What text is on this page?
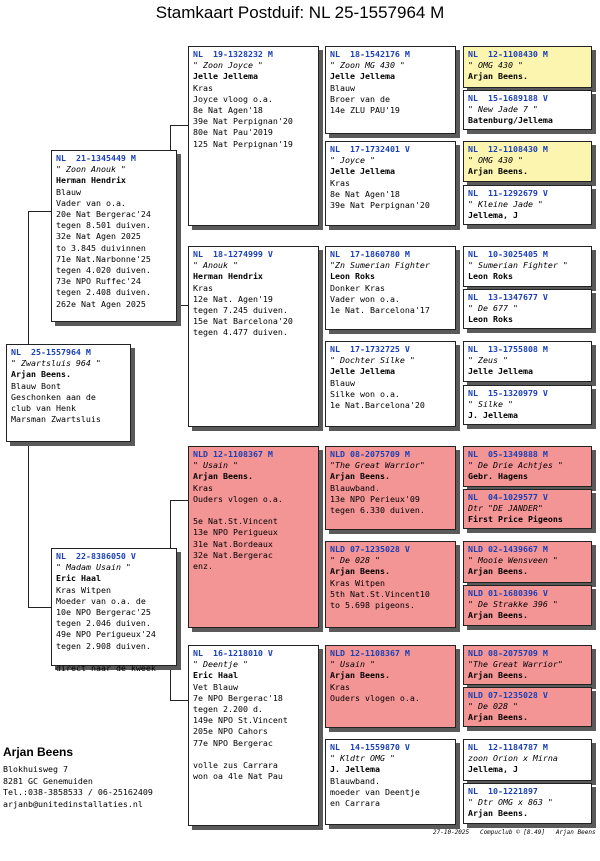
Stamkaart Postduif: NL 25-1557964 M
NL  25-1557964 M
" Zwartsluis 964 "
Arjan Beens.
Blauw Bont
Geschonken aan de
club van Henk
Marsman Zwartsluis
NL  21-1345449 M
" Zoon Anouk "
Herman Hendrix
Blauw
Vader van o.a.
20e Nat Bergerac'24
tegen 8.501 duiven.
32e Nat Agen 2025
to 3.845 duivinnen
71e Nat.Narbonne'25
tegen 4.020 duiven.
73e NPO Ruffec'24
tegen 2.408 duiven.
262e Nat Agen 2025
NL  22-8386050 V
" Madam Usain "
Eric Haal
Kras Witpen
Moeder van o.a. de
10e NPO Bergerac'25
tegen 2.046 duiven.
49e NPO Perigueux'24
tegen 2.908 duiven.

direct naar de kweek
NL  19-1328232 M
" Zoon Joyce "
Jelle Jellema
Kras
Joyce vloog o.a.
8e Nat Agen'18
39e Nat Perpignan'20
80e Nat Pau'2019
125 Nat Perpignan'19
NL  18-1274999 V
" Anouk "
Herman Hendrix
Kras
12e Nat. Agen'19
tegen 7.245 duiven.
15e Nat Barcelona'20
tegen 4.477 duiven.
NLD 12-1108367 M
" Usain "
Arjan Beens.
Kras
Ouders vlogen o.a.

5e Nat.St.Vincent
13e NPO Perigueux
31e Nat.Bordeaux
32e Nat.Bergerac
enz.
NL  16-1218010 V
" Deentje "
Eric Haal
Vet Blauw
7e NPO Bergerac'18
tegen 2.200 d.
149e NPO St.Vincent
205e NPO Cahors
77e NPO Bergerac

volle zus Carrara
won oa 4le Nat Pau
NL  18-1542176 M
" Zoon MG 430 "
Jelle Jellema
Blauw
Broer van de
14e ZLU PAU'19
NL  17-1732401 V
" Joyce "
Jelle Jellema
Kras
8e Nat Agen'18
39e Nat Perpignan'20
NL  17-1860780 M
"Zn Sumerian Fighter
Leon Roks
Donker Kras
Vader won o.a.
1e Nat. Barcelona'17
NL  17-1732725 V
" Dochter Silke "
Jelle Jellema
Blauw
Silke won o.a.
1e Nat.Barcelona'20
NLD 08-2075709 M
"The Great Warrior"
Arjan Beens.
Blauwband.
13e NPO Perieux'09
tegen 6.330 duiven.
NLD 07-1235028 V
" De 028 "
Arjan Beens.
Kras Witpen
5th Nat.St.Vincent10
to 5.698 pigeons.
NLD 12-1108367 M
" Usain "
Arjan Beens.
Kras
Ouders vlogen o.a.
NL  14-1559870 V
" Kldtr OMG "
J. Jellema
Blauwband.
moeder van Deentje
en Carrara
NL  12-1108430 M
" OMG 430 "
Arjan Beens.
NL  15-1689188 V
" New Jade 7 "
Batenburg/Jellema
NL  12-1108430 M
" OMG 430 "
Arjan Beens.
NL  11-1292679 V
" Kleine Jade "
Jellema, J
NL  10-3025405 M
" Sumerian Fighter "
Leon Roks
NL  13-1347677 V
" De 677 "
Leon Roks
NL  13-1755808 M
" Zeus "
Jelle Jellema
NL  15-1320979 V
" Silke "
J. Jellema
NL  05-1349888 M
" De Drie Achtjes "
Gebr. Hagens
NL  04-1029577 V
Dtr "DE JANDER"
First Price Pigeons
NLD 02-1439667 M
" Mooie Wensveen "
Arjan Beens.
NLD 01-1680396 V
" De Strakke 396 "
Arjan Beens.
NLD 08-2075709 M
"The Great Warrior"
Arjan Beens.
NLD 07-1235028 V
" De 028 "
Arjan Beens.
NL  12-1184787 M
zoon Orion x Mirna
Jellema, J
NL  10-1221897
" Dtr OMG x 863 "
Arjan Beens.
Arjan Beens
Blokhuisweg 7
8281 GC Genemuiden
Tel.:038-3858533 / 06-25162409
arjanb@unitedinstallaties.nl
27-10-2025   Compuclub © [8.49]   Arjan Beens
